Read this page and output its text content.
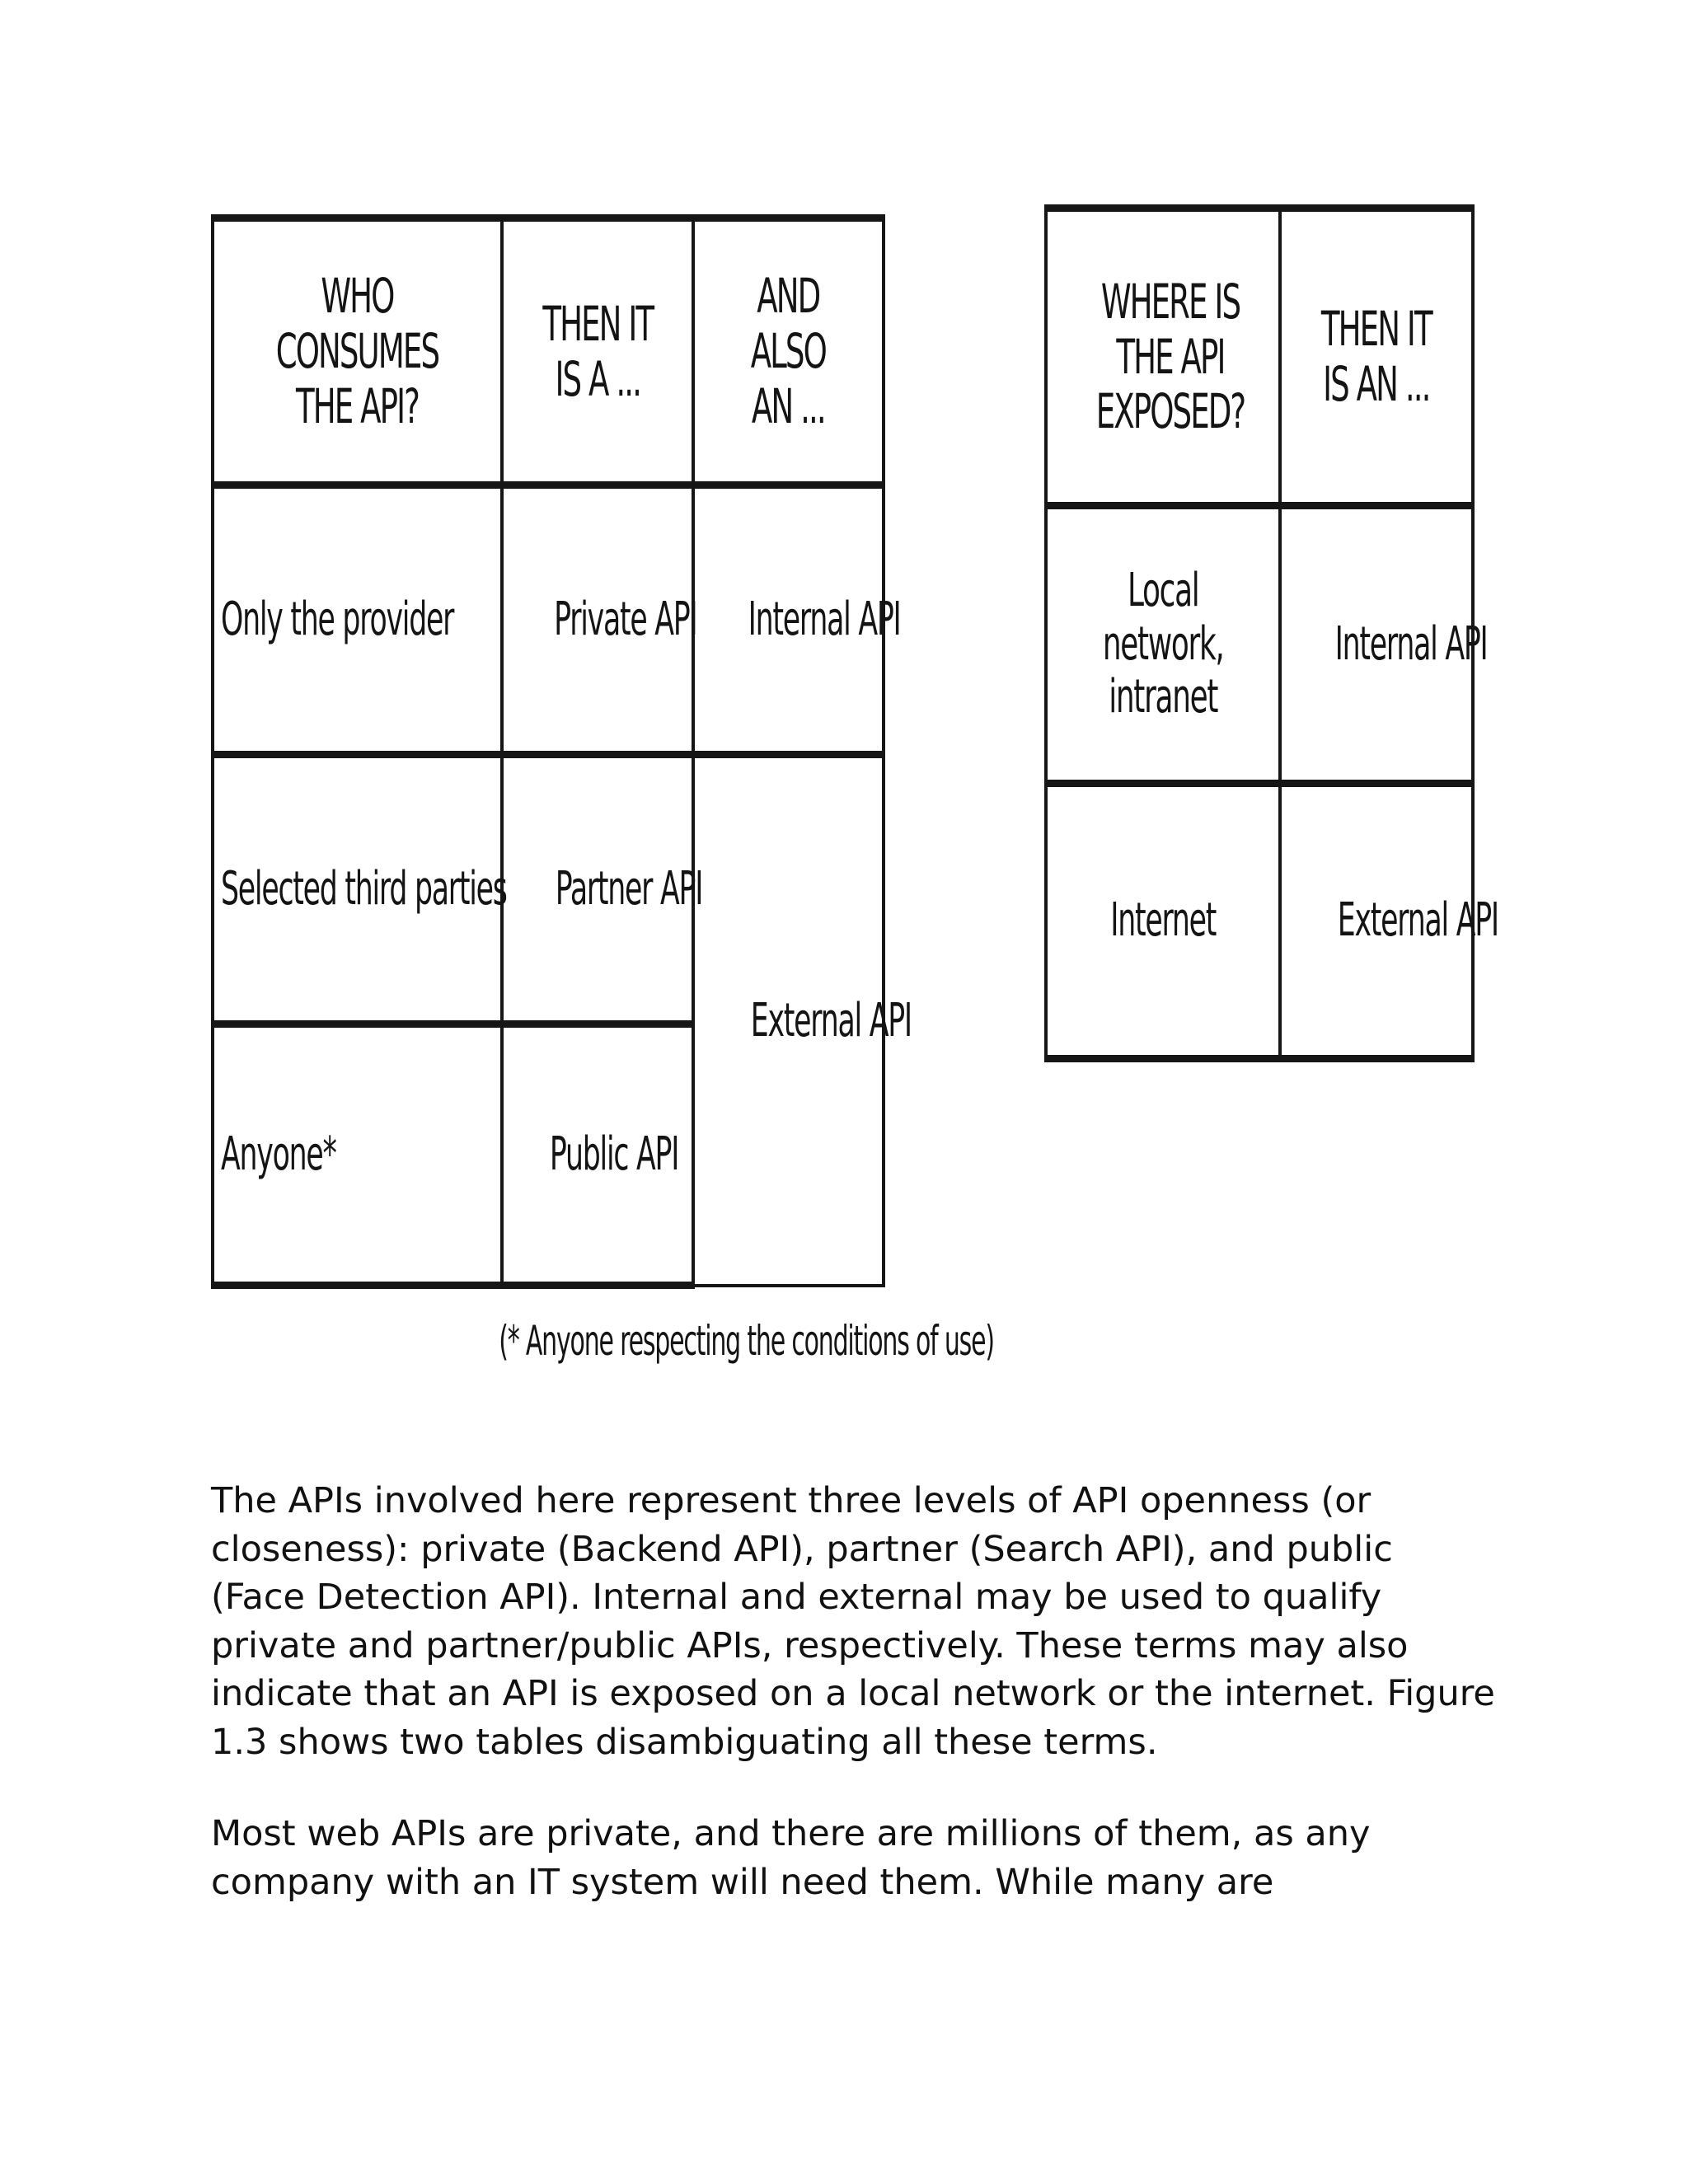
WHO CONSUMES THE API?	THEN IT IS A ...	AND ALSO AN ...
Only the provider	Private API	Internal API
Selected third parties	Partner API	External API
Anyone*	Public API	
WHERE IS THE API EXPOSED?	THEN IT IS AN ...
Local network, intranet	Internal API
Internet	External API
(* Anyone respecting the conditions of use)

The APIs involved here represent three levels of API openness (or closeness): private (Backend API), partner (Search API), and public (Face Detection API). Internal and external may be used to qualify private and partner/public APIs, respectively. These terms may also indicate that an API is exposed on a local network or the internet. Figure 1.3 shows two tables disambiguating all these terms.

Most web APIs are private, and there are millions of them, as any company with an IT system will need them. While many are
